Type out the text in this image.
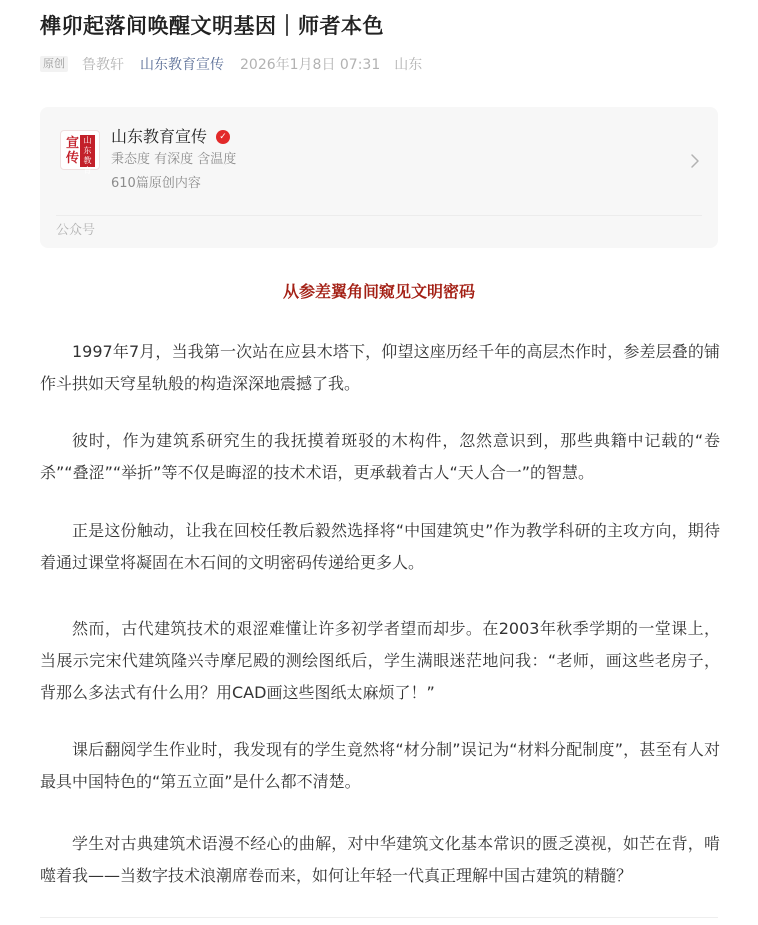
榫卯起落间唤醒文明基因｜师者本色
原创 鲁教轩 山东教育宣传 2026年1月8日 07:31 山东
宣传
山东教育
山东教育宣传	✓
秉态度 有深度 含温度
610篇原创内容
公众号
从参差翼角间窥见文明密码

1997年7月，当我第一次站在应县木塔下，仰望这座历经千年的高层杰作时，参差层叠的铺作斗拱如天穹星轨般的构造深深地震撼了我。

彼时，作为建筑系研究生的我抚摸着斑驳的木构件，忽然意识到，那些典籍中记载的“卷杀”“叠涩”“举折”等不仅是晦涩的技术术语，更承载着古人“天人合一”的智慧。

正是这份触动，让我在回校任教后毅然选择将“中国建筑史”作为教学科研的主攻方向，期待着通过课堂将凝固在木石间的文明密码传递给更多人。

然而，古代建筑技术的艰涩难懂让许多初学者望而却步。在2003年秋季学期的一堂课上，当展示完宋代建筑隆兴寺摩尼殿的测绘图纸后，学生满眼迷茫地问我：“老师，画这些老房子，背那么多法式有什么用？用CAD画这些图纸太麻烦了！”

课后翻阅学生作业时，我发现有的学生竟然将“材分制”误记为“材料分配制度”，甚至有人对最具中国特色的“第五立面”是什么都不清楚。

学生对古典建筑术语漫不经心的曲解，对中华建筑文化基本常识的匮乏漠视，如芒在背，啃噬着我——当数字技术浪潮席卷而来，如何让年轻一代真正理解中国古建筑的精髓？
